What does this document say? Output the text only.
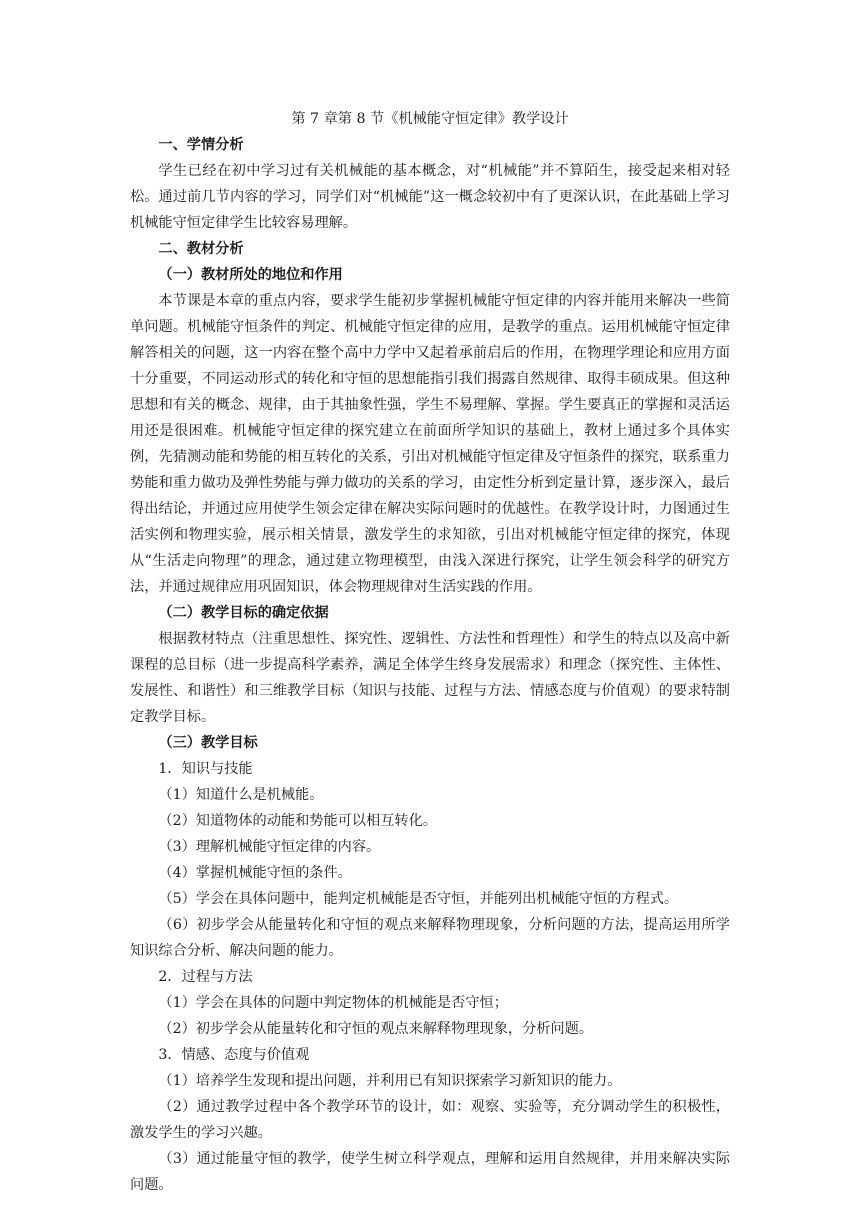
第 7 章第 8 节《机械能守恒定律》教学设计

一、学情分析

学生已经在初中学习过有关机械能的基本概念，对“机械能”并不算陌生，接受起来相对轻松。通过前几节内容的学习，同学们对“机械能”这一概念较初中有了更深认识，在此基础上学习机械能守恒定律学生比较容易理解。

二、教材分析

（一）教材所处的地位和作用

本节课是本章的重点内容，要求学生能初步掌握机械能守恒定律的内容并能用来解决一些简单问题。机械能守恒条件的判定、机械能守恒定律的应用，是教学的重点。运用机械能守恒定律解答相关的问题，这一内容在整个高中力学中又起着承前启后的作用，在物理学理论和应用方面十分重要，不同运动形式的转化和守恒的思想能指引我们揭露自然规律、取得丰硕成果。但这种思想和有关的概念、规律，由于其抽象性强，学生不易理解、掌握。学生要真正的掌握和灵活运用还是很困难。机械能守恒定律的探究建立在前面所学知识的基础上，教材上通过多个具体实例，先猜测动能和势能的相互转化的关系，引出对机械能守恒定律及守恒条件的探究，联系重力势能和重力做功及弹性势能与弹力做功的关系的学习，由定性分析到定量计算，逐步深入，最后得出结论，并通过应用使学生领会定律在解决实际问题时的优越性。在教学设计时，力图通过生活实例和物理实验，展示相关情景，激发学生的求知欲，引出对机械能守恒定律的探究，体现从“生活走向物理”的理念，通过建立物理模型，由浅入深进行探究，让学生领会科学的研究方法，并通过规律应用巩固知识，体会物理规律对生活实践的作用。

（二）教学目标的确定依据

根据教材特点（注重思想性、探究性、逻辑性、方法性和哲理性）和学生的特点以及高中新课程的总目标（进一步提高科学素养，满足全体学生终身发展需求）和理念（探究性、主体性、发展性、和谐性）和三维教学目标（知识与技能、过程与方法、情感态度与价值观）的要求特制定教学目标。

（三）教学目标

1．知识与技能

（1）知道什么是机械能。

（2）知道物体的动能和势能可以相互转化。

（3）理解机械能守恒定律的内容。

（4）掌握机械能守恒的条件。

（5）学会在具体问题中，能判定机械能是否守恒，并能列出机械能守恒的方程式。

（6）初步学会从能量转化和守恒的观点来解释物理现象，分析问题的方法，提高运用所学知识综合分析、解决问题的能力。

2．过程与方法

（1）学会在具体的问题中判定物体的机械能是否守恒；

（2）初步学会从能量转化和守恒的观点来解释物理现象，分析问题。

3．情感、态度与价值观

（1）培养学生发现和提出问题，并利用已有知识探索学习新知识的能力。

（2）通过教学过程中各个教学环节的设计，如：观察、实验等，充分调动学生的积极性，激发学生的学习兴趣。

（3）通过能量守恒的教学，使学生树立科学观点，理解和运用自然规律，并用来解决实际问题。
